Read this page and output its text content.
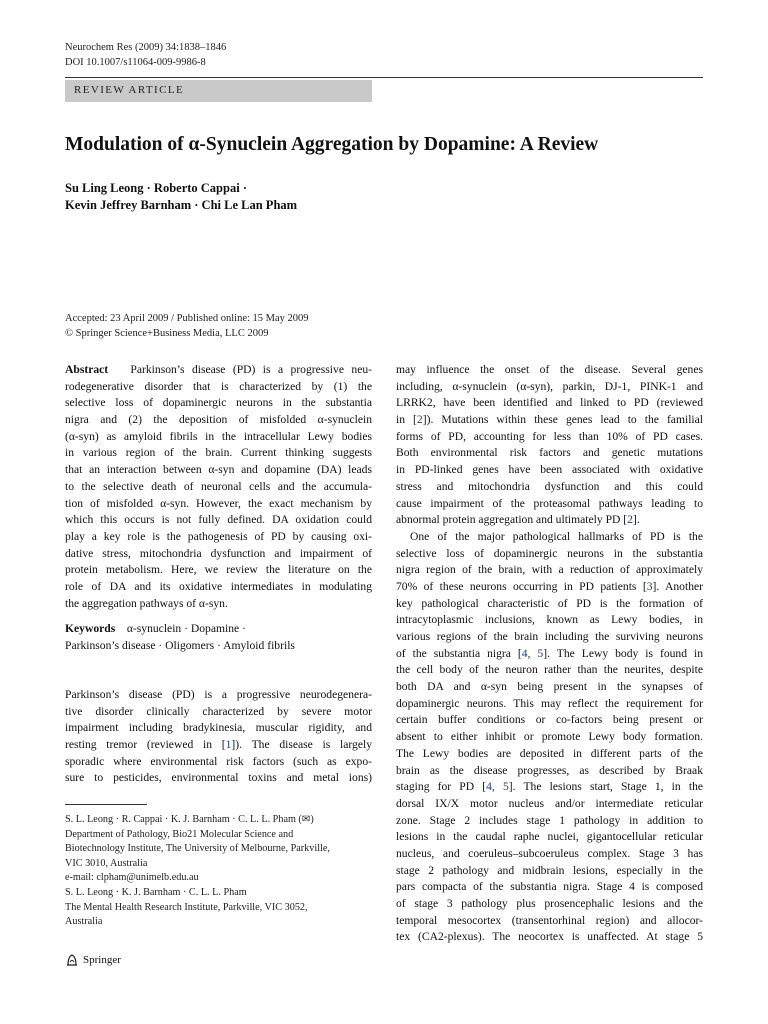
Neurochem Res (2009) 34:1838–1846
DOI 10.1007/s11064-009-9986-8
REVIEW ARTICLE
Modulation of α-Synuclein Aggregation by Dopamine: A Review
Su Ling Leong · Roberto Cappai ·
Kevin Jeffrey Barnham · Chi Le Lan Pham
Accepted: 23 April 2009 / Published online: 15 May 2009
© Springer Science+Business Media, LLC 2009
Abstract Parkinson’s disease (PD) is a progressive neu-
rodegenerative disorder that is characterized by (1) the
selective loss of dopaminergic neurons in the substantia
nigra and (2) the deposition of misfolded α-synuclein
(α-syn) as amyloid fibrils in the intracellular Lewy bodies
in various region of the brain. Current thinking suggests
that an interaction between α-syn and dopamine (DA) leads
to the selective death of neuronal cells and the accumula-
tion of misfolded α-syn. However, the exact mechanism by
which this occurs is not fully defined. DA oxidation could
play a key role is the pathogenesis of PD by causing oxi-
dative stress, mitochondria dysfunction and impairment of
protein metabolism. Here, we review the literature on the
role of DA and its oxidative intermediates in modulating
the aggregation pathways of α-syn.
Keywords α-synuclein · Dopamine ·
Parkinson’s disease · Oligomers · Amyloid fibrils
Parkinson’s disease (PD) is a progressive neurodegenera-
tive disorder clinically characterized by severe motor
impairment including bradykinesia, muscular rigidity, and
resting tremor (reviewed in [1]). The disease is largely
sporadic where environmental risk factors (such as expo-
sure to pesticides, environmental toxins and metal ions)
S. L. Leong · R. Cappai · K. J. Barnham · C. L. L. Pham (✉)
Department of Pathology, Bio21 Molecular Science and
Biotechnology Institute, The University of Melbourne, Parkville,
VIC 3010, Australia
e-mail: clpham@unimelb.edu.au
S. L. Leong · K. J. Barnham · C. L. L. Pham
The Mental Health Research Institute, Parkville, VIC 3052,
Australia
Springer
may influence the onset of the disease. Several genes
including, α-synuclein (α-syn), parkin, DJ-1, PINK-1 and
LRRK2, have been identified and linked to PD (reviewed
in [2]). Mutations within these genes lead to the familial
forms of PD, accounting for less than 10% of PD cases.
Both environmental risk factors and genetic mutations
in PD-linked genes have been associated with oxidative
stress and mitochondria dysfunction and this could
cause impairment of the proteasomal pathways leading to
abnormal protein aggregation and ultimately PD [2].
One of the major pathological hallmarks of PD is the
selective loss of dopaminergic neurons in the substantia
nigra region of the brain, with a reduction of approximately
70% of these neurons occurring in PD patients [3]. Another
key pathological characteristic of PD is the formation of
intracytoplasmic inclusions, known as Lewy bodies, in
various regions of the brain including the surviving neurons
of the substantia nigra [4, 5]. The Lewy body is found in
the cell body of the neuron rather than the neurites, despite
both DA and α-syn being present in the synapses of
dopaminergic neurons. This may reflect the requirement for
certain buffer conditions or co-factors being present or
absent to either inhibit or promote Lewy body formation.
The Lewy bodies are deposited in different parts of the
brain as the disease progresses, as described by Braak
staging for PD [4, 5]. The lesions start, Stage 1, in the
dorsal IX/X motor nucleus and/or intermediate reticular
zone. Stage 2 includes stage 1 pathology in addition to
lesions in the caudal raphe nuclei, gigantocellular reticular
nucleus, and coeruleus–subcoeruleus complex. Stage 3 has
stage 2 pathology and midbrain lesions, especially in the
pars compacta of the substantia nigra. Stage 4 is composed
of stage 3 pathology plus prosencephalic lesions and the
temporal mesocortex (transentorhinal region) and allocor-
tex (CA2-plexus). The neocortex is unaffected. At stage 5
